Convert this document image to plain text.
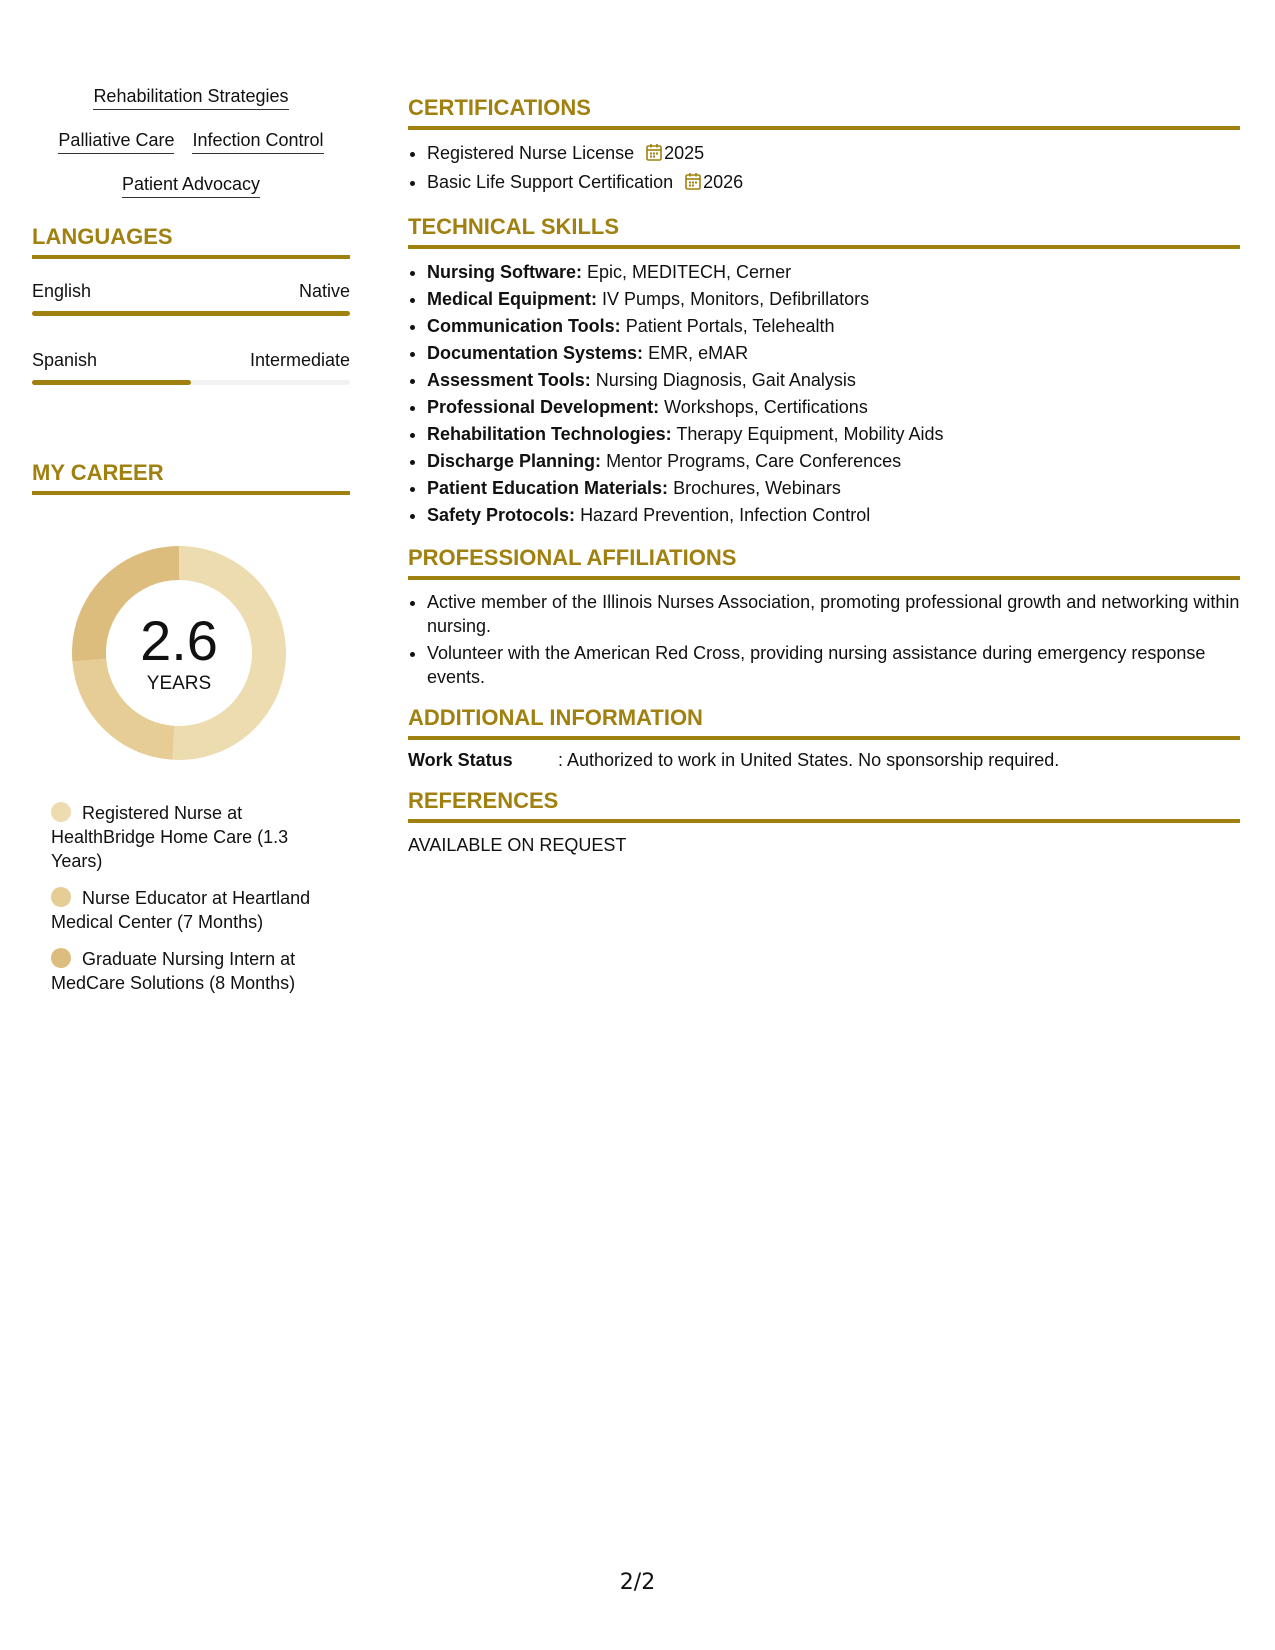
Rehabilitation Strategies
Palliative Care Infection Control
Patient Advocacy
LANGUAGES
English	Native
Spanish	Intermediate
MY CAREER
2.6
YEARS
Registered Nurse at HealthBridge Home Care (1.3 Years)
Nurse Educator at Heartland Medical Center (7 Months)
Graduate Nursing Intern at MedCare Solutions (8 Months)
CERTIFICATIONS
• Registered Nurse License 2025
• Basic Life Support Certification 2026
TECHNICAL SKILLS
• Nursing Software: Epic, MEDITECH, Cerner
• Medical Equipment: IV Pumps, Monitors, Defibrillators
• Communication Tools: Patient Portals, Telehealth
• Documentation Systems: EMR, eMAR
• Assessment Tools: Nursing Diagnosis, Gait Analysis
• Professional Development: Workshops, Certifications
• Rehabilitation Technologies: Therapy Equipment, Mobility Aids
• Discharge Planning: Mentor Programs, Care Conferences
• Patient Education Materials: Brochures, Webinars
• Safety Protocols: Hazard Prevention, Infection Control
PROFESSIONAL AFFILIATIONS
• Active member of the Illinois Nurses Association, promoting professional growth and networking within nursing.
• Volunteer with the American Red Cross, providing nursing assistance during emergency response events.
ADDITIONAL INFORMATION
Work Status	: Authorized to work in United States. No sponsorship required.
REFERENCES
AVAILABLE ON REQUEST
2/2
